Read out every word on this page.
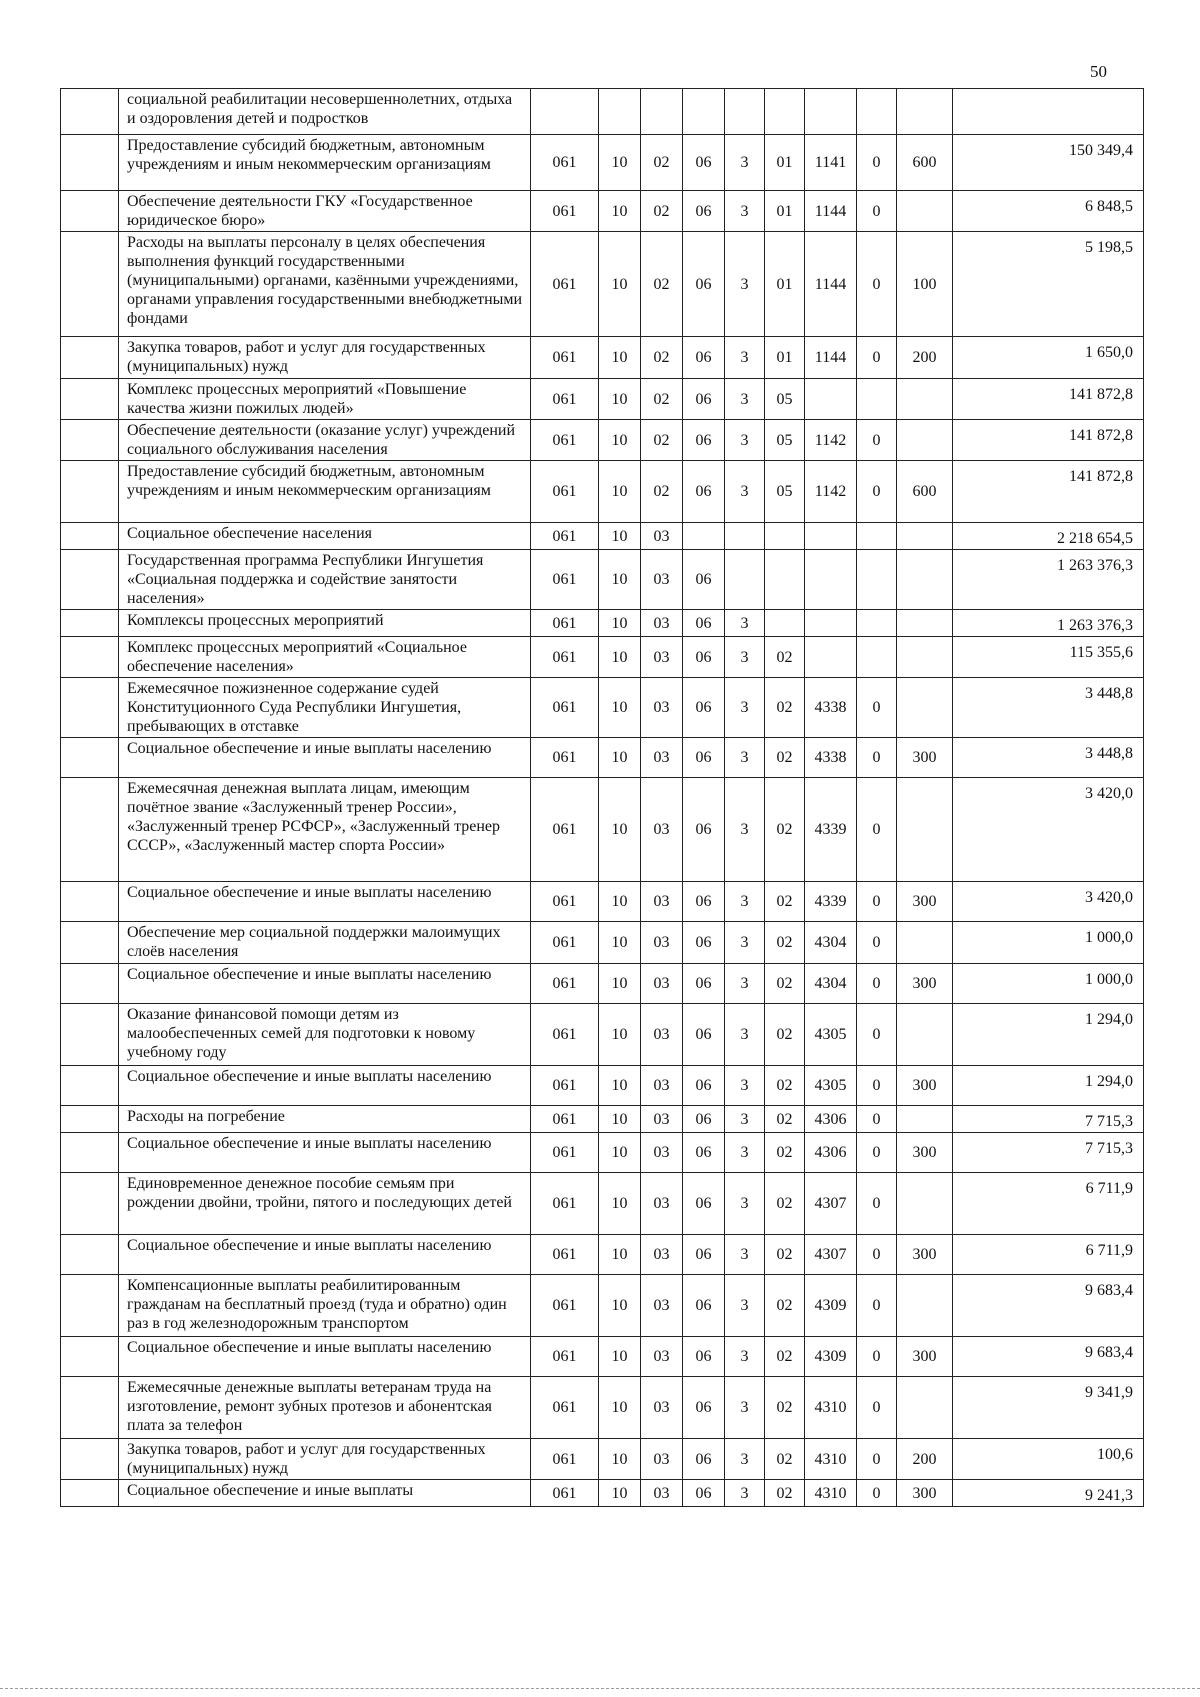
50
	социальной реабилитации несовершеннолетних, отдыха и оздоровления детей и подростков										
	Предоставление субсидий бюджетным, автономным учреждениям и иным некоммерческим организациям	061	10	02	06	3	01	1141	0	600	150 349,4
	Обеспечение деятельности ГКУ «Государственное юридическое бюро»	061	10	02	06	3	01	1144	0		6 848,5
	Расходы на выплаты персоналу в целях обеспечения выполнения функций государственными (муниципальными) органами, казёнными учреждениями, органами управления государственными внебюджетными фондами	061	10	02	06	3	01	1144	0	100	5 198,5
	Закупка товаров, работ и услуг для государственных (муниципальных) нужд	061	10	02	06	3	01	1144	0	200	1 650,0
	Комплекс процессных мероприятий «Повышение качества жизни пожилых людей»	061	10	02	06	3	05				141 872,8
	Обеспечение деятельности (оказание услуг) учреждений социального обслуживания населения	061	10	02	06	3	05	1142	0		141 872,8
	Предоставление субсидий бюджетным, автономным учреждениям и иным некоммерческим организациям	061	10	02	06	3	05	1142	0	600	141 872,8
	Социальное обеспечение населения	061	10	03							2 218 654,5
	Государственная программа Республики Ингушетия «Социальная поддержка и содействие занятости населения»	061	10	03	06						1 263 376,3
	Комплексы процессных мероприятий	061	10	03	06	3					1 263 376,3
	Комплекс процессных мероприятий «Социальное обеспечение населения»	061	10	03	06	3	02				115 355,6
	Ежемесячное пожизненное содержание судей Конституционного Суда Республики Ингушетия, пребывающих в отставке	061	10	03	06	3	02	4338	0		3 448,8
	Социальное обеспечение и иные выплаты населению	061	10	03	06	3	02	4338	0	300	3 448,8
	Ежемесячная денежная выплата лицам, имеющим почётное звание «Заслуженный тренер России», «Заслуженный тренер РСФСР», «Заслуженный тренер СССР», «Заслуженный мастер спорта России»	061	10	03	06	3	02	4339	0		3 420,0
	Социальное обеспечение и иные выплаты населению	061	10	03	06	3	02	4339	0	300	3 420,0
	Обеспечение мер социальной поддержки малоимущих слоёв населения	061	10	03	06	3	02	4304	0		1 000,0
	Социальное обеспечение и иные выплаты населению	061	10	03	06	3	02	4304	0	300	1 000,0
	Оказание финансовой помощи детям из малообеспеченных семей для подготовки к новому учебному году	061	10	03	06	3	02	4305	0		1 294,0
	Социальное обеспечение и иные выплаты населению	061	10	03	06	3	02	4305	0	300	1 294,0
	Расходы на погребение	061	10	03	06	3	02	4306	0		7 715,3
	Социальное обеспечение и иные выплаты населению	061	10	03	06	3	02	4306	0	300	7 715,3
	Единовременное денежное пособие семьям при рождении двойни, тройни, пятого и последующих детей	061	10	03	06	3	02	4307	0		6 711,9
	Социальное обеспечение и иные выплаты населению	061	10	03	06	3	02	4307	0	300	6 711,9
	Компенсационные выплаты реабилитированным гражданам на бесплатный проезд (туда и обратно) один раз в год железнодорожным транспортом	061	10	03	06	3	02	4309	0		9 683,4
	Социальное обеспечение и иные выплаты населению	061	10	03	06	3	02	4309	0	300	9 683,4
	Ежемесячные денежные выплаты ветеранам труда на изготовление, ремонт зубных протезов и абонентская плата за телефон	061	10	03	06	3	02	4310	0		9 341,9
	Закупка товаров, работ и услуг для государственных (муниципальных) нужд	061	10	03	06	3	02	4310	0	200	100,6
	Социальное обеспечение и иные выплаты	061	10	03	06	3	02	4310	0	300	9 241,3
